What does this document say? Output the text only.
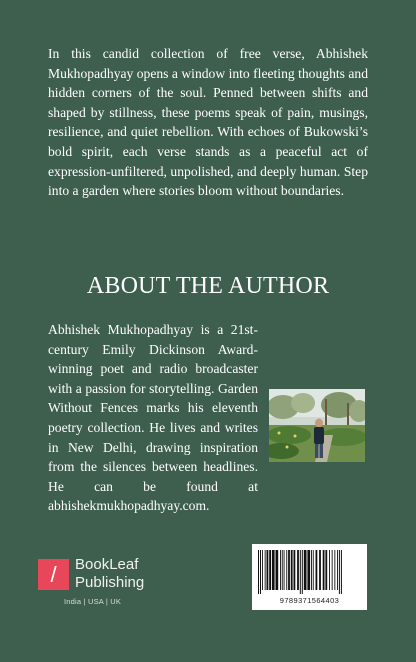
In this candid collection of free verse, Abhishek Mukhopadhyay opens a window into fleeting thoughts and hidden corners of the soul. Penned between shifts and shaped by stillness, these poems speak of pain, musings, resilience, and quiet rebellion. With echoes of Bukowski’s bold spirit, each verse stands as a peaceful act of expression-unfiltered, unpolished, and deeply human. Step into a garden where stories bloom without boundaries.

ABOUT THE AUTHOR

Abhishek Mukhopadhyay is a 21st-century Emily Dickinson Award-winning poet and radio broadcaster with a passion for storytelling. Garden Without Fences marks his eleventh poetry collection. He lives and writes in New Delhi, drawing inspiration from the silences between headlines. He can be found at abhishekmukhopadhyay.com.

/	BookLeaf
Publishing
India | USA | UK	9789371564403
